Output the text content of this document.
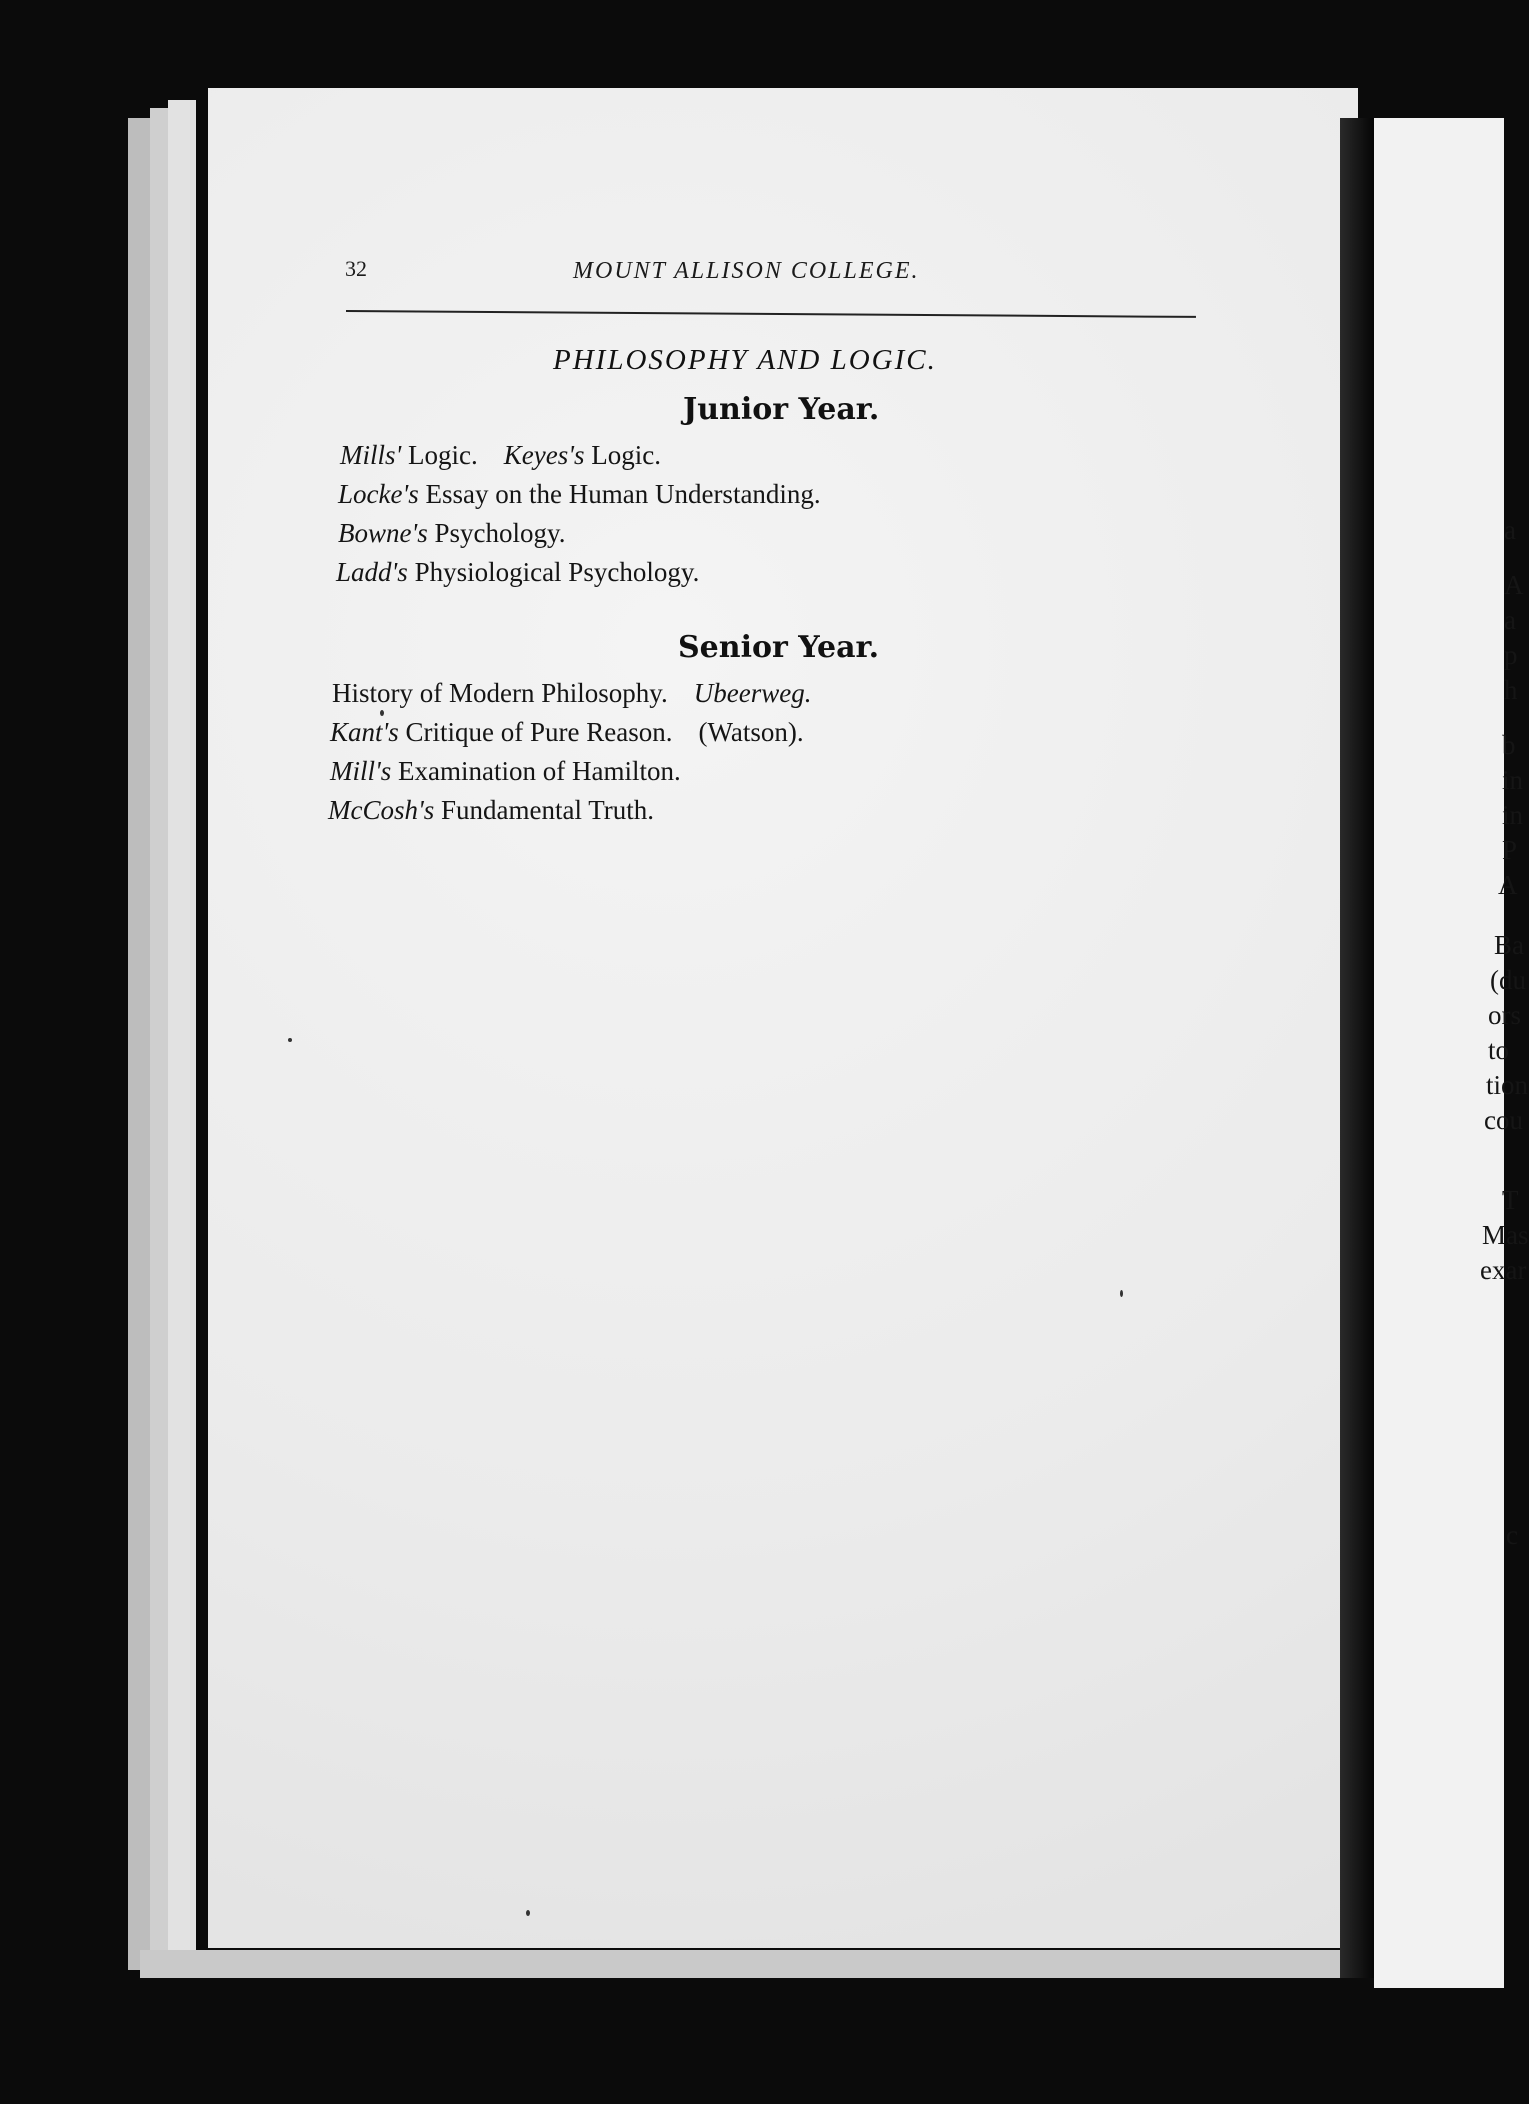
32	MOUNT ALLISON COLLEGE.
PHILOSOPHY AND LOGIC.
Junior Year.
Mills' Logic. Keyes's Logic.
Locke's Essay on the Human Understanding.
Bowne's Psychology.
Ladd's Physiological Psychology.
Senior Year.
History of Modern Philosophy. Ubeerweg.
Kant's Critique of Pure Reason. (Watson).
Mill's Examination of Hamilton.
McCosh's Fundamental Truth.
a
A
a
p
h
b
in
in
P
A
Ba
(du
ors
to
tion
cou
T
Mas
exar
c
